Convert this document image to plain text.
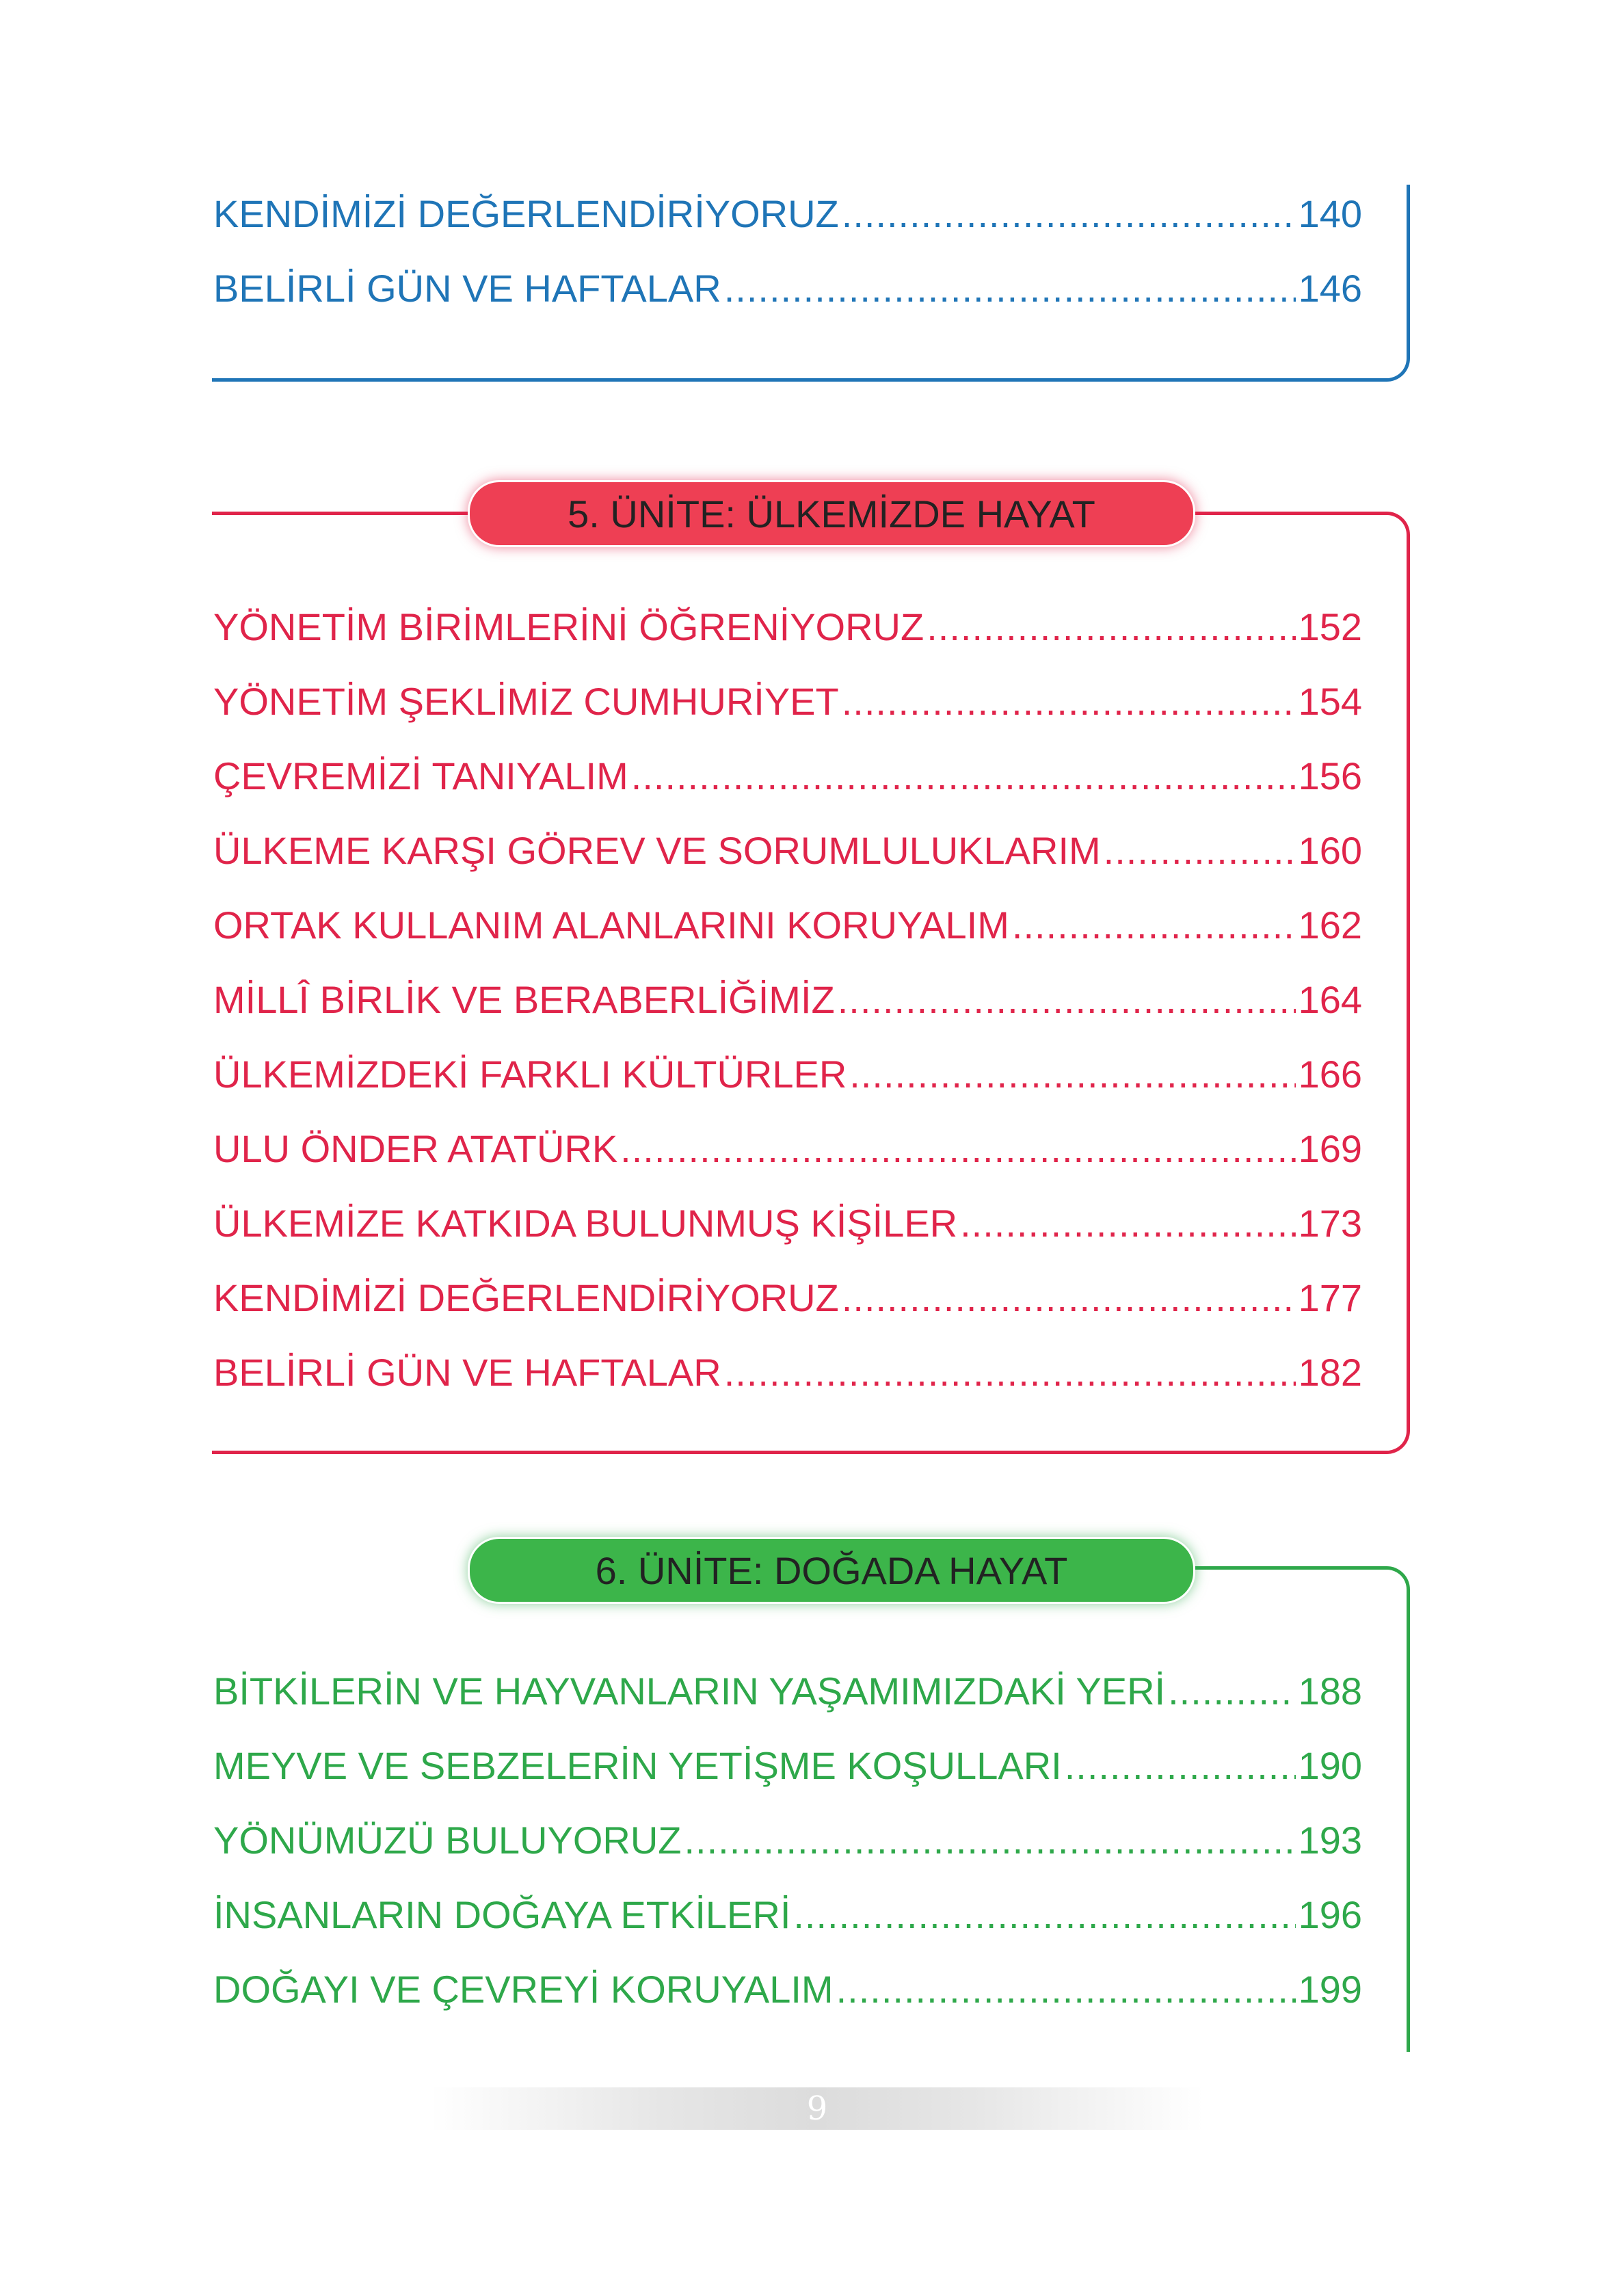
KENDİMİZİ DEĞERLENDİRİYORUZ .....	140
BELİRLİ GÜN VE HAFTALAR .....	146
5. ÜNİTE: ÜLKEMİZDE HAYAT
YÖNETİM BİRİMLERİNİ ÖĞRENİYORUZ .....	152
YÖNETİM ŞEKLİMİZ CUMHURİYET .....	154
ÇEVREMİZİ TANIYALIM .....	156
ÜLKEME KARŞI GÖREV VE SORUMLULUKLARIM .....	160
ORTAK KULLANIM ALANLARINI KORUYALIM .....	162
MİLLÎ BİRLİK VE BERABERLİĞİMİZ .....	164
ÜLKEMİZDEKİ FARKLI KÜLTÜRLER .....	166
ULU ÖNDER ATATÜRK .....	169
ÜLKEMİZE KATKIDA BULUNMUŞ KİŞİLER .....	173
KENDİMİZİ DEĞERLENDİRİYORUZ .....	177
BELİRLİ GÜN VE HAFTALAR .....	182
6. ÜNİTE: DOĞADA HAYAT
BİTKİLERİN VE HAYVANLARIN YAŞAMIMIZDAKİ YERİ .....	188
MEYVE VE SEBZELERİN YETİŞME KOŞULLARI .....	190
YÖNÜMÜZÜ BULUYORUZ .....	193
İNSANLARIN DOĞAYA ETKİLERİ .....	196
DOĞAYI VE ÇEVREYİ KORUYALIM .....	199
9
